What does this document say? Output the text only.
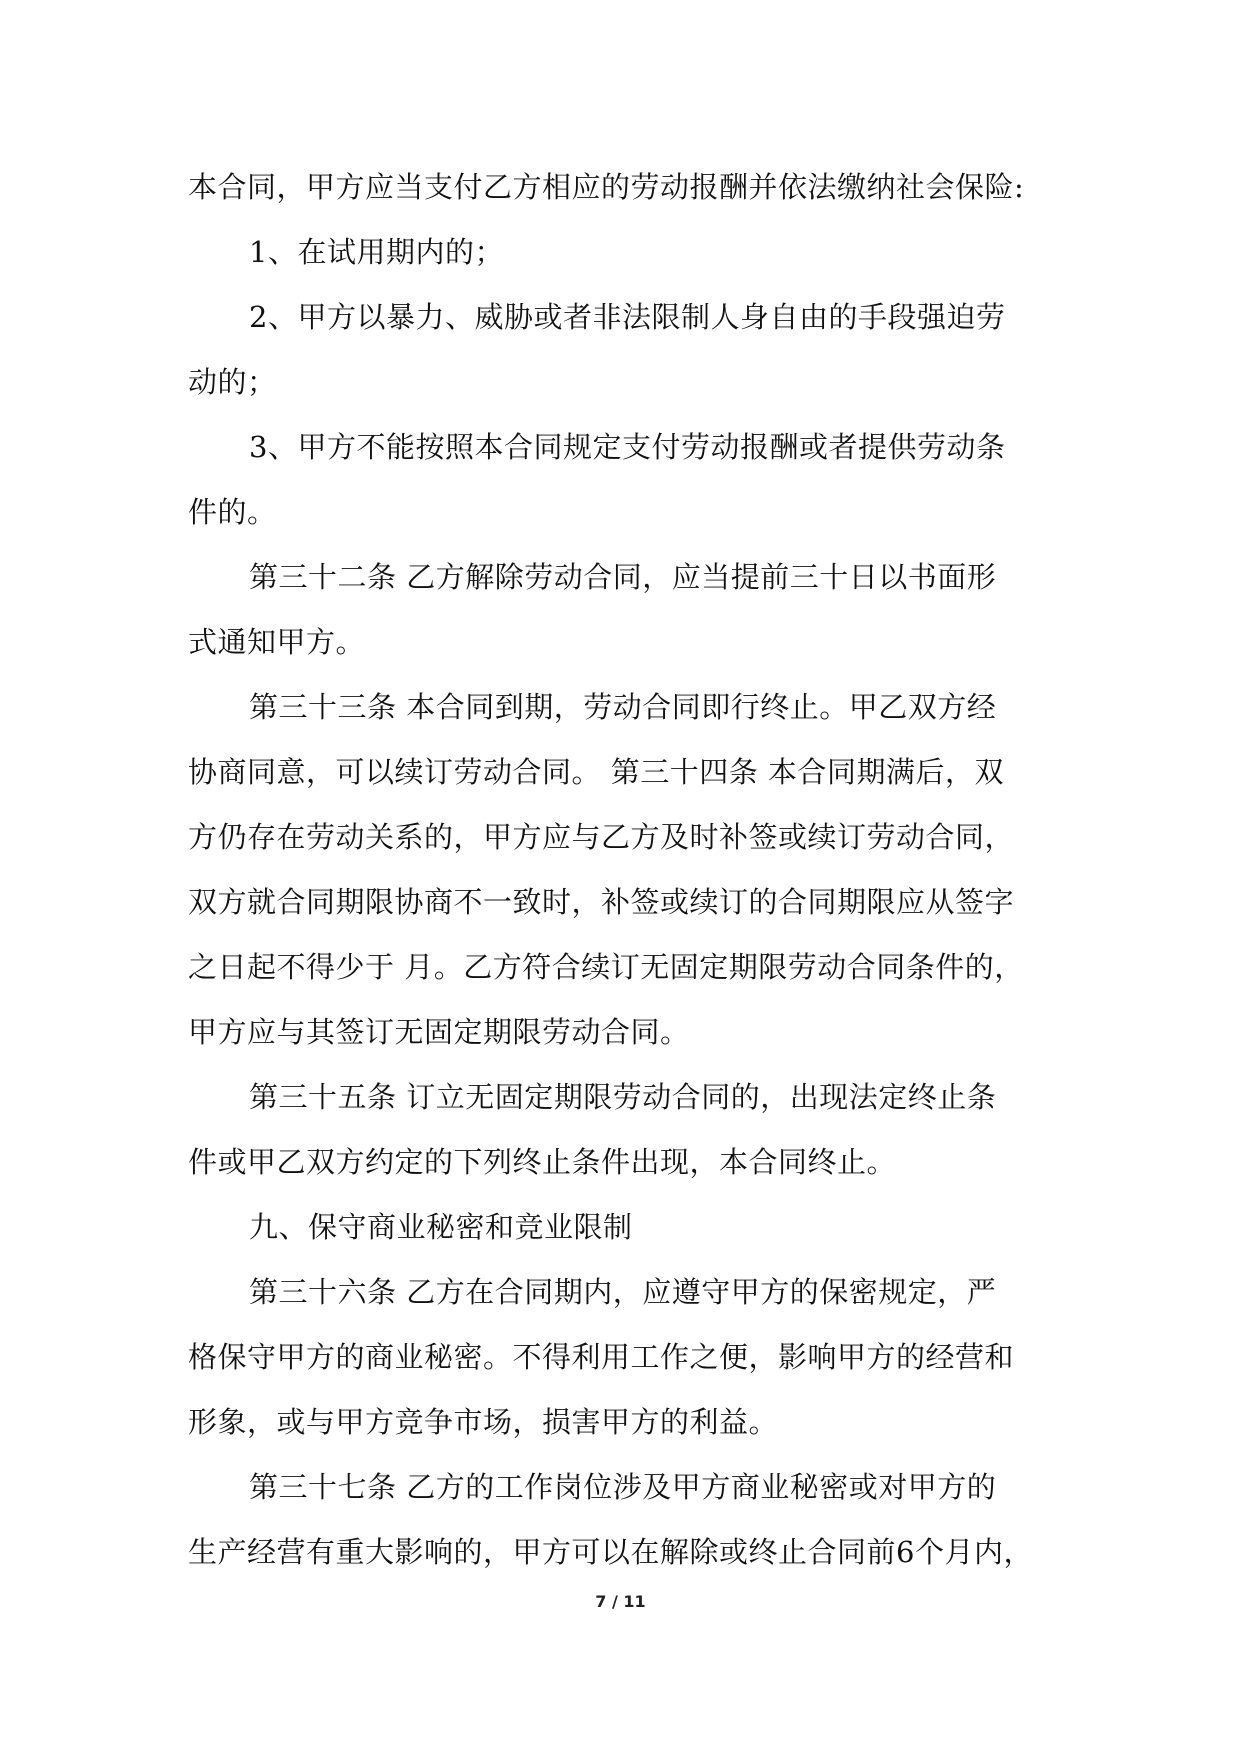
本合同，甲方应当支付乙方相应的劳动报酬并依法缴纳社会保险:
1、在试用期内的；
2、甲方以暴力、威胁或者非法限制人身自由的手段强迫劳
动的；
3、甲方不能按照本合同规定支付劳动报酬或者提供劳动条
件的。
第三十二条 乙方解除劳动合同，应当提前三十日以书面形
式通知甲方。
第三十三条 本合同到期，劳动合同即行终止。甲乙双方经
协商同意，可以续订劳动合同。 第三十四条 本合同期满后，双
方仍存在劳动关系的，甲方应与乙方及时补签或续订劳动合同，
双方就合同期限协商不一致时，补签或续订的合同期限应从签字
之日起不得少于 月。乙方符合续订无固定期限劳动合同条件的，
甲方应与其签订无固定期限劳动合同。
第三十五条 订立无固定期限劳动合同的，出现法定终止条
件或甲乙双方约定的下列终止条件出现，本合同终止。
九、保守商业秘密和竞业限制
第三十六条 乙方在合同期内，应遵守甲方的保密规定，严
格保守甲方的商业秘密。不得利用工作之便，影响甲方的经营和
形象，或与甲方竞争市场，损害甲方的利益。
第三十七条 乙方的工作岗位涉及甲方商业秘密或对甲方的
生产经营有重大影响的，甲方可以在解除或终止合同前6个月内，
7 / 11
